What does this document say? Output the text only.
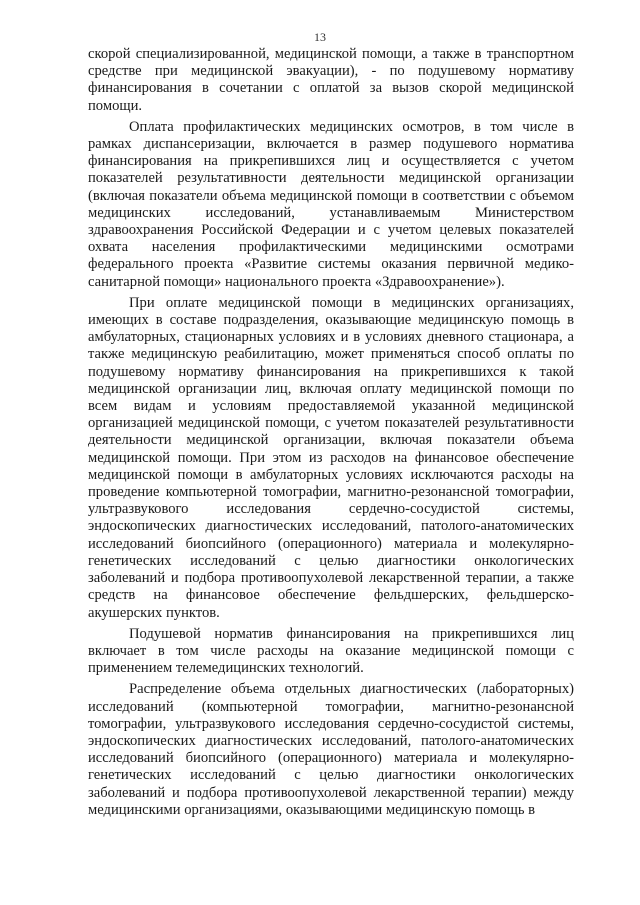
13

скорой специализированной, медицинской помощи, а также в транспортном средстве при медицинской эвакуации), - по подушевому нормативу финансирования в сочетании с оплатой за вызов скорой медицинской помощи.

Оплата профилактических медицинских осмотров, в том числе в рамках диспансеризации, включается в размер подушевого норматива финансирования на прикрепившихся лиц и осуществляется с учетом показателей результативности деятельности медицинской организации (включая показатели объема медицинской помощи в соответствии с объемом медицинских исследований, устанавливаемым Министерством здравоохранения Российской Федерации и с учетом целевых показателей охвата населения профилактическими медицинскими осмотрами федерального проекта «Развитие системы оказания первичной медико-санитарной помощи» национального проекта «Здравоохранение»).

При оплате медицинской помощи в медицинских организациях, имеющих в составе подразделения, оказывающие медицинскую помощь в амбулаторных, стационарных условиях и в условиях дневного стационара, а также медицинскую реабилитацию, может применяться способ оплаты по подушевому нормативу финансирования на прикрепившихся к такой медицинской организации лиц, включая оплату медицинской помощи по всем видам и условиям предоставляемой указанной медицинской организацией медицинской помощи, с учетом показателей результативности деятельности медицинской организации, включая показатели объема медицинской помощи. При этом из расходов на финансовое обеспечение медицинской помощи в амбулаторных условиях исключаются расходы на проведение компьютерной томографии, магнитно-резонансной томографии, ультразвукового исследования сердечно-сосудистой системы, эндоскопических диагностических исследований, патолого-анатомических исследований биопсийного (операционного) материала и молекулярно-генетических исследований с целью диагностики онкологических заболеваний и подбора противоопухолевой лекарственной терапии, а также средств на финансовое обеспечение фельдшерских, фельдшерско-акушерских пунктов.

Подушевой норматив финансирования на прикрепившихся лиц включает в том числе расходы на оказание медицинской помощи с применением телемедицинских технологий.

Распределение объема отдельных диагностических (лабораторных) исследований (компьютерной томографии, магнитно-резонансной томографии, ультразвукового исследования сердечно-сосудистой системы, эндоскопических диагностических исследований, патолого-анатомических исследований биопсийного (операционного) материала и молекулярно-генетических исследований с целью диагностики онкологических заболеваний и подбора противоопухолевой лекарственной терапии) между медицинскими организациями, оказывающими медицинскую помощь в
